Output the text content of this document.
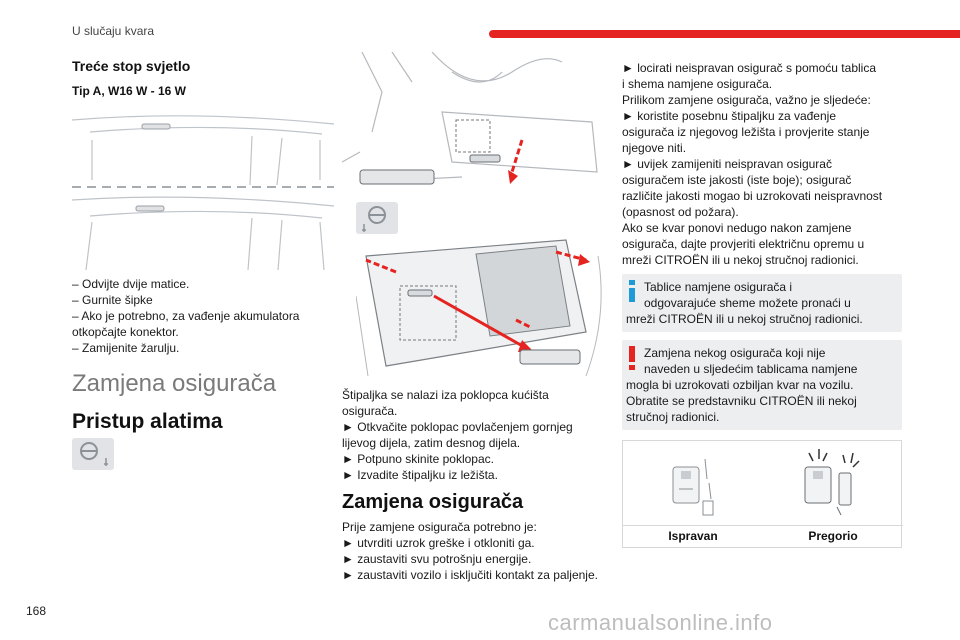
U slučaju kvara
Treće stop svjetlo
Tip A, W16 W - 16 W
– Odvijte dvije matice.
– Gurnite šipke
– Ako je potrebno, za vađenje akumulatora otkopčajte konektor.
– Zamijenite žarulju.
Zamjena osigurača
Pristup alatima
Štipaljka se nalazi iza poklopca kućišta
osigurača.
► Otkvačite poklopac povlačenjem gornjeg
lijevog dijela, zatim desnog dijela.
► Potpuno skinite poklopac.
► Izvadite štipaljku iz ležišta.
Zamjena osigurača
Prije zamjene osigurača potrebno je:
► utvrditi uzrok greške i otkloniti ga.
► zaustaviti svu potrošnju energije.
► zaustaviti vozilo i isključiti kontakt za paljenje.
► locirati neispravan osigurač s pomoću tablica
i shema namjene osigurača.
Prilikom zamjene osigurača, važno je sljedeće:
► koristite posebnu štipaljku za vađenje
osigurača iz njegovog ležišta i provjerite stanje
njegove niti.
► uvijek zamijeniti neispravan osigurač
osiguračem iste jakosti (iste boje); osigurač
različite jakosti mogao bi uzrokovati neispravnost
(opasnost od požara).
Ako se kvar ponovi nedugo nakon zamjene
osigurača, dajte provjeriti električnu opremu u
mreži CITROËN ili u nekoj stručnoj radionici.
Tablice namjene osigurača i
odgovarajuće sheme možete pronaći u
mreži CITROËN ili u nekoj stručnoj radionici.
Zamjena nekog osigurača koji nije
naveden u sljedećim tablicama namjene
mogla bi uzrokovati ozbiljan kvar na vozilu.
Obratite se predstavniku CITROËN ili nekoj
stručnoj radionici.
Ispravan	Pregorio
168	carmanualsonline.info
